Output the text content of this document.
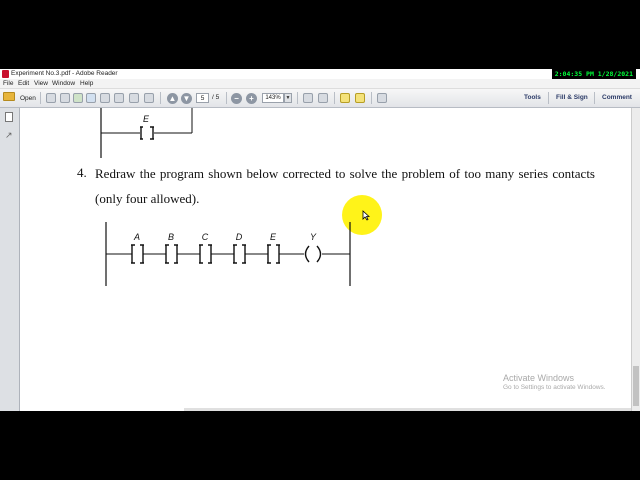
Experiment No.3.pdf - Adobe Reader	2:04:35 PM 1/28/2021
File Edit View Window Help
Open	▲ ▼	5	/ 5	−	+	143% ▼	Tools Fill & Sign Comment
↗
E
4. Redraw the program shown below corrected to solve the problem of too many series contacts (only four allowed).
A	B	C	D	E	Y
Activate Windows
Go to Settings to activate Windows.
